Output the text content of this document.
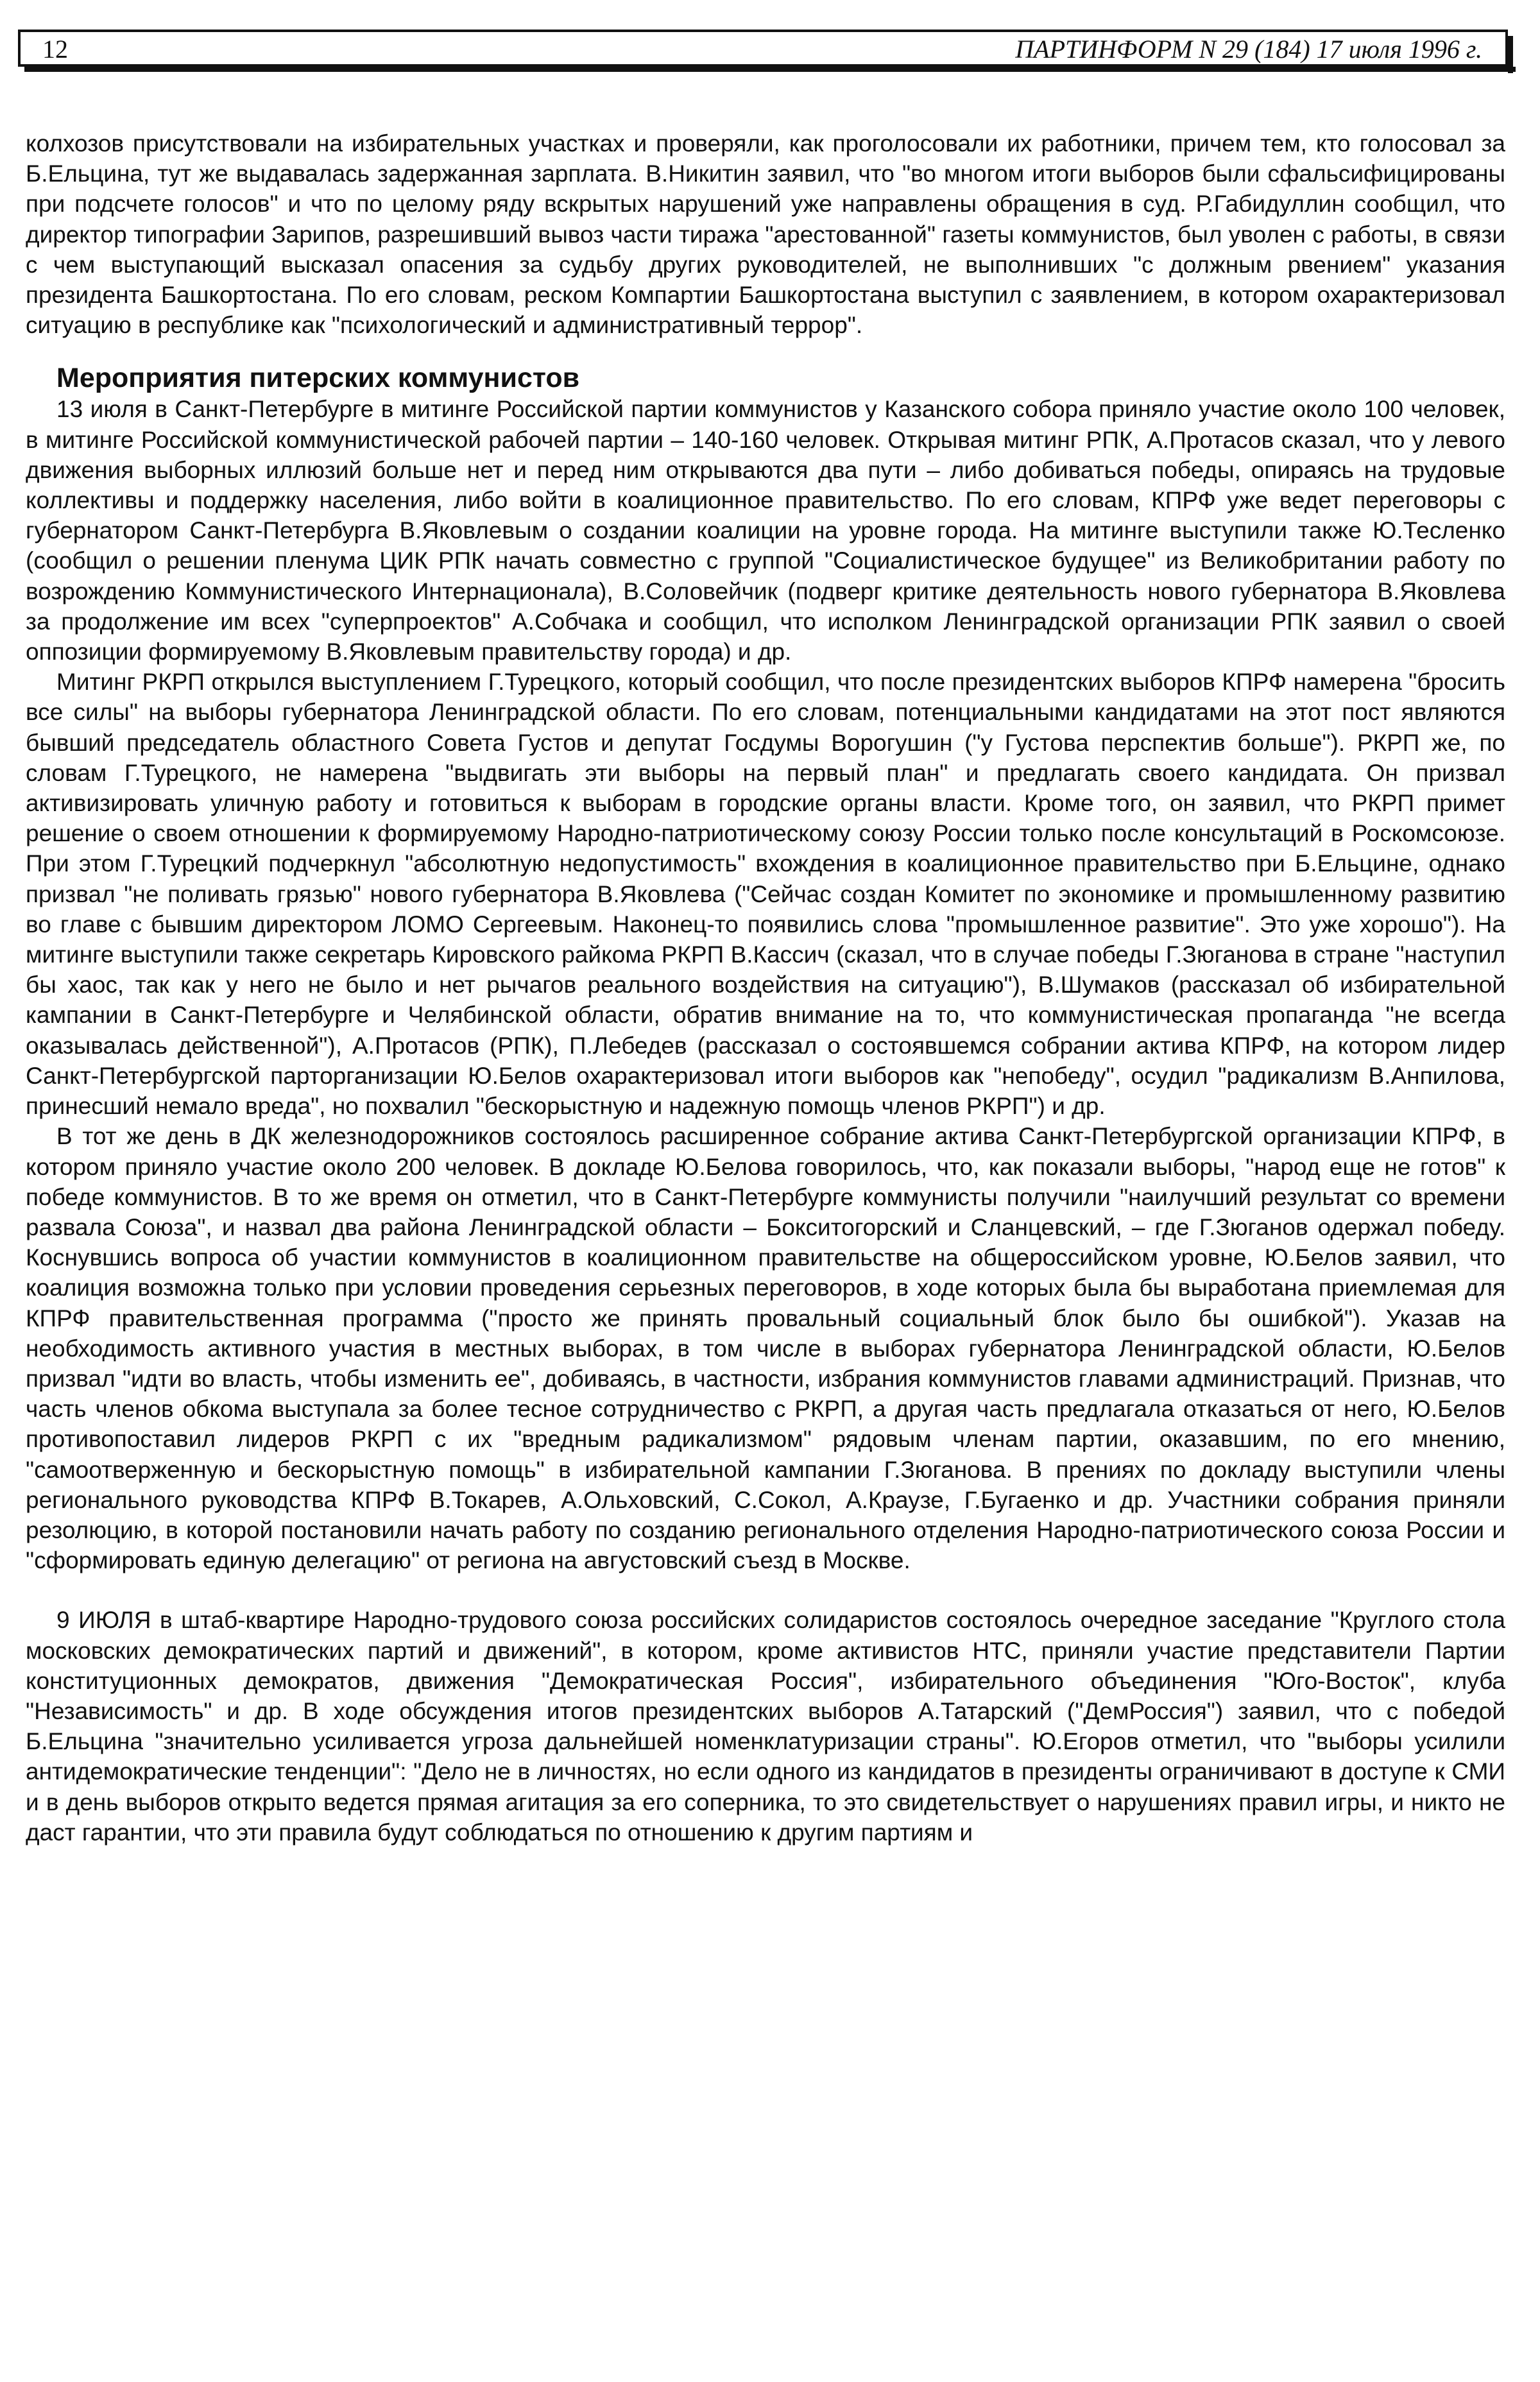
12	ПАРТИНФОРМ N 29 (184) 17 июля 1996 г.

колхозов присутствовали на избирательных участках и проверяли, как проголосовали их работники, причем тем, кто голосовал за Б.Ельцина, тут же выдавалась задержанная зарплата. В.Никитин заявил, что "во многом итоги выборов были сфальсифицированы при подсчете голосов" и что по целому ряду вскрытых нарушений уже направлены обращения в суд. Р.Габидуллин сообщил, что директор типографии Зарипов, разрешивший вывоз части тиража "арестованной" газеты коммунистов, был уволен с работы, в связи с чем выступающий высказал опасения за судьбу других руководителей, не выполнивших "с должным рвением" указания президента Башкортостана. По его словам, реском Компартии Башкортостана выступил с заявлением, в котором охарактеризовал ситуацию в республике как "психологический и административный террор".

Мероприятия питерских коммунистов

13 июля в Санкт-Петербурге в митинге Российской партии коммунистов у Казанского собора приняло участие около 100 человек, в митинге Российской коммунистической рабочей партии – 140-160 человек. Открывая митинг РПК, А.Протасов сказал, что у левого движения выборных иллюзий больше нет и перед ним открываются два пути – либо добиваться победы, опираясь на трудовые коллективы и поддержку населения, либо войти в коалиционное правительство. По его словам, КПРФ уже ведет переговоры с губернатором Санкт-Петербурга В.Яковлевым о создании коалиции на уровне города. На митинге выступили также Ю.Тесленко (сообщил о решении пленума ЦИК РПК начать совместно с группой "Социалистическое будущее" из Великобритании работу по возрождению Коммунистического Интернационала), В.Соловейчик (подверг критике деятельность нового губернатора В.Яковлева за продолжение им всех "суперпроектов" А.Собчака и сообщил, что исполком Ленинградской организации РПК заявил о своей оппозиции формируемому В.Яковлевым правительству города) и др.

Митинг РКРП открылся выступлением Г.Турецкого, который сообщил, что после президентских выборов КПРФ намерена "бросить все силы" на выборы губернатора Ленинградской области. По его словам, потенциальными кандидатами на этот пост являются бывший председатель областного Совета Густов и депутат Госдумы Ворогушин ("у Густова перспектив больше"). РКРП же, по словам Г.Турецкого, не намерена "выдвигать эти выборы на первый план" и предлагать своего кандидата. Он призвал активизировать уличную работу и готовиться к выборам в городские органы власти. Кроме того, он заявил, что РКРП примет решение о своем отношении к формируемому Народно-патриотическому союзу России только после консультаций в Роскомсоюзе. При этом Г.Турецкий подчеркнул "абсолютную недопустимость" вхождения в коалиционное правительство при Б.Ельцине, однако призвал "не поливать грязью" нового губернатора В.Яковлева ("Сейчас создан Комитет по экономике и промышленному развитию во главе с бывшим директором ЛОМО Сергеевым. Наконец-то появились слова "промышленное развитие". Это уже хорошо"). На митинге выступили также секретарь Кировского райкома РКРП В.Кассич (сказал, что в случае победы Г.Зюганова в стране "наступил бы хаос, так как у него не было и нет рычагов реального воздействия на ситуацию"), В.Шумаков (рассказал об избирательной кампании в Санкт-Петербурге и Челябинской области, обратив внимание на то, что коммунистическая пропаганда "не всегда оказывалась действенной"), А.Протасов (РПК), П.Лебедев (рассказал о состоявшемся собрании актива КПРФ, на котором лидер Санкт-Петербургской парторганизации Ю.Белов охарактеризовал итоги выборов как "непобеду", осудил "радикализм В.Анпилова, принесший немало вреда", но похвалил "бескорыстную и надежную помощь членов РКРП") и др.

В тот же день в ДК железнодорожников состоялось расширенное собрание актива Санкт-Петербургской организации КПРФ, в котором приняло участие около 200 человек. В докладе Ю.Белова говорилось, что, как показали выборы, "народ еще не готов" к победе коммунистов. В то же время он отметил, что в Санкт-Петербурге коммунисты получили "наилучший результат со времени развала Союза", и назвал два района Ленинградской области – Бокситогорский и Сланцевский, – где Г.Зюганов одержал победу. Коснувшись вопроса об участии коммунистов в коалиционном правительстве на общероссийском уровне, Ю.Белов заявил, что коалиция возможна только при условии проведения серьезных переговоров, в ходе которых была бы выработана приемлемая для КПРФ правительственная программа ("просто же принять провальный социальный блок было бы ошибкой"). Указав на необходимость активного участия в местных выборах, в том числе в выборах губернатора Ленинградской области, Ю.Белов призвал "идти во власть, чтобы изменить ее", добиваясь, в частности, избрания коммунистов главами администраций. Признав, что часть членов обкома выступала за более тесное сотрудничество с РКРП, а другая часть предлагала отказаться от него, Ю.Белов противопоставил лидеров РКРП с их "вредным радикализмом" рядовым членам партии, оказавшим, по его мнению, "самоотверженную и бескорыстную помощь" в избирательной кампании Г.Зюганова. В прениях по докладу выступили члены регионального руководства КПРФ В.Токарев, А.Ольховский, С.Сокол, А.Краузе, Г.Бугаенко и др. Участники собрания приняли резолюцию, в которой постановили начать работу по созданию регионального отделения Народно-патриотического союза России и "сформировать единую делегацию" от региона на августовский съезд в Москве.

9 ИЮЛЯ в штаб-квартире Народно-трудового союза российских солидаристов состоялось очередное заседание "Круглого стола московских демократических партий и движений", в котором, кроме активистов НТС, приняли участие представители Партии конституционных демократов, движения "Демократическая Россия", избирательного объединения "Юго-Восток", клуба "Независимость" и др. В ходе обсуждения итогов президентских выборов А.Татарский ("ДемРоссия") заявил, что с победой Б.Ельцина "значительно усиливается угроза дальнейшей номенклатуризации страны". Ю.Егоров отметил, что "выборы усилили антидемократические тенденции": "Дело не в личностях, но если одного из кандидатов в президенты ограничивают в доступе к СМИ и в день выборов открыто ведется прямая агитация за его соперника, то это свидетельствует о нарушениях правил игры, и никто не даст гарантии, что эти правила будут соблюдаться по отношению к другим партиям и
